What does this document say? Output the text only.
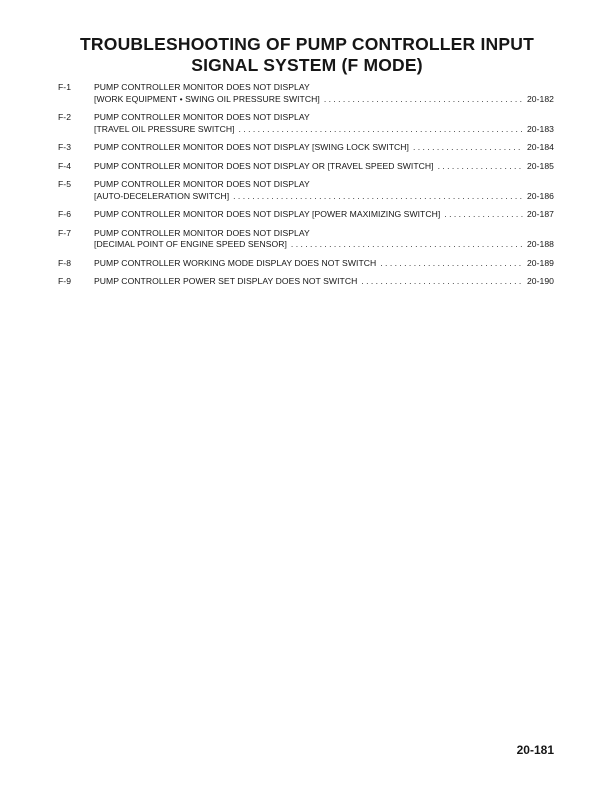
TROUBLESHOOTING OF PUMP CONTROLLER INPUT
SIGNAL SYSTEM (F MODE)
F-1	PUMP CONTROLLER MONITOR DOES NOT DISPLAY
[WORK EQUIPMENT • SWING OIL PRESSURE SWITCH] . . .	20-182
F-2	PUMP CONTROLLER MONITOR DOES NOT DISPLAY
[TRAVEL OIL PRESSURE SWITCH] . . .	20-183
F-3	PUMP CONTROLLER MONITOR DOES NOT DISPLAY [SWING LOCK SWITCH] . . .	20-184
F-4	PUMP CONTROLLER MONITOR DOES NOT DISPLAY OR [TRAVEL SPEED SWITCH] . . .	20-185
F-5	PUMP CONTROLLER MONITOR DOES NOT DISPLAY
[AUTO-DECELERATION SWITCH] . . .	20-186
F-6	PUMP CONTROLLER MONITOR DOES NOT DISPLAY [POWER MAXIMIZING SWITCH] . . .	20-187
F-7	PUMP CONTROLLER MONITOR DOES NOT DISPLAY
[DECIMAL POINT OF ENGINE SPEED SENSOR] . . .	20-188
F-8	PUMP CONTROLLER WORKING MODE DISPLAY DOES NOT SWITCH . . .	20-189
F-9	PUMP CONTROLLER POWER SET DISPLAY DOES NOT SWITCH . . .	20-190
20-181
